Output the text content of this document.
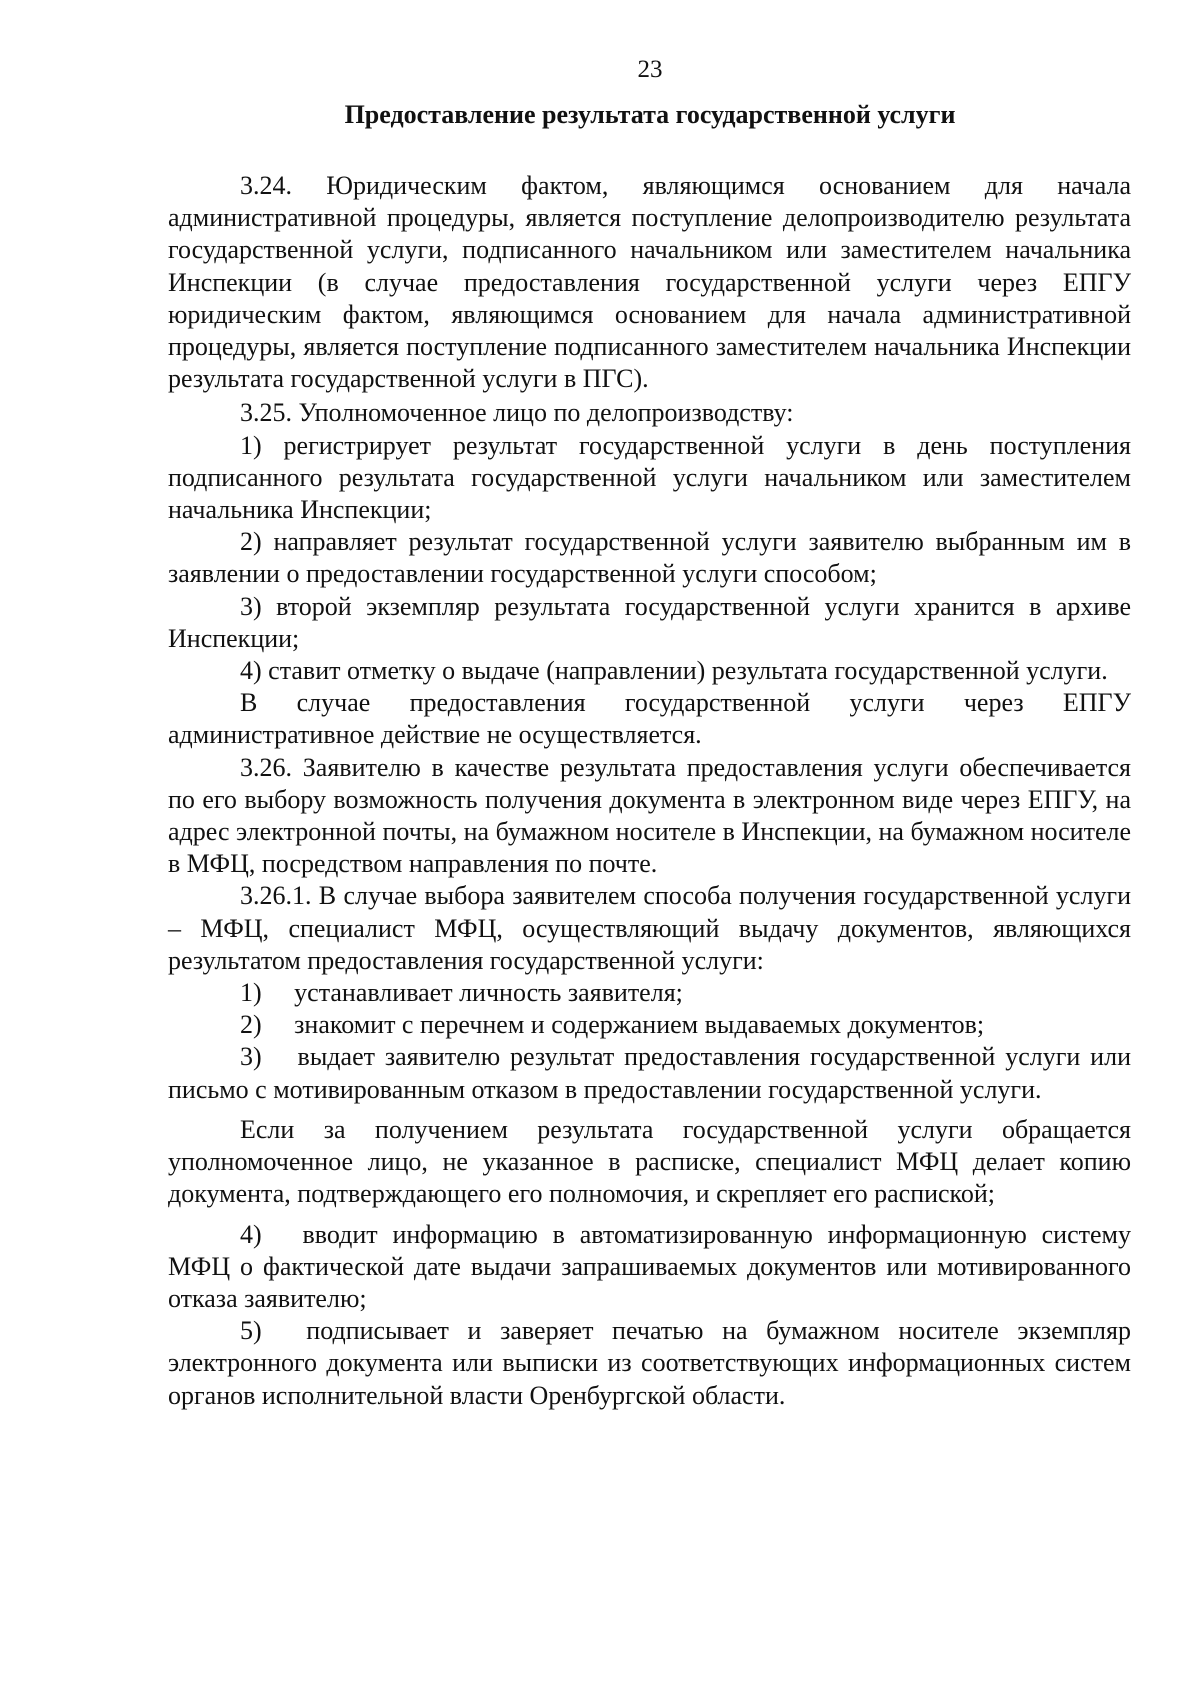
23
Предоставление результата государственной услуги

3.24. Юридическим фактом, являющимся основанием для начала административной процедуры, является поступление делопроизводителю результата государственной услуги, подписанного начальником или заместителем начальника Инспекции (в случае предоставления государственной услуги через ЕПГУ юридическим фактом, являющимся основанием для начала административной процедуры, является поступление подписанного заместителем начальника Инспекции результата государственной услуги в ПГС).

3.25. Уполномоченное лицо по делопроизводству:

1) регистрирует результат государственной услуги в день поступления подписанного результата государственной услуги начальником или заместителем начальника Инспекции;

2) направляет результат государственной услуги заявителю выбранным им в заявлении о предоставлении государственной услуги способом;

3) второй экземпляр результата государственной услуги хранится в архиве Инспекции;

4) ставит отметку о выдаче (направлении) результата государственной услуги.

В случае предоставления государственной услуги через ЕПГУ административное действие не осуществляется.

3.26. Заявителю в качестве результата предоставления услуги обеспечивается по его выбору возможность получения документа в электронном виде через ЕПГУ, на адрес электронной почты, на бумажном носителе в Инспекции, на бумажном носителе в МФЦ, посредством направления по почте.

3.26.1. В случае выбора заявителем способа получения государственной услуги – МФЦ, специалист МФЦ, осуществляющий выдачу документов, являющихся результатом предоставления государственной услуги:

1)  устанавливает личность заявителя;

2)  знакомит с перечнем и содержанием выдаваемых документов;

3)  выдает заявителю результат предоставления государственной услуги или письмо с мотивированным отказом в предоставлении государственной услуги.

Если за получением результата государственной услуги обращается уполномоченное лицо, не указанное в расписке, специалист МФЦ делает копию документа, подтверждающего его полномочия, и скрепляет его распиской;

4)  вводит информацию в автоматизированную информационную систему МФЦ о фактической дате выдачи запрашиваемых документов или мотивированного отказа заявителю;

5)  подписывает и заверяет печатью на бумажном носителе экземпляр электронного документа или выписки из соответствующих информационных систем органов исполнительной власти Оренбургской области.
